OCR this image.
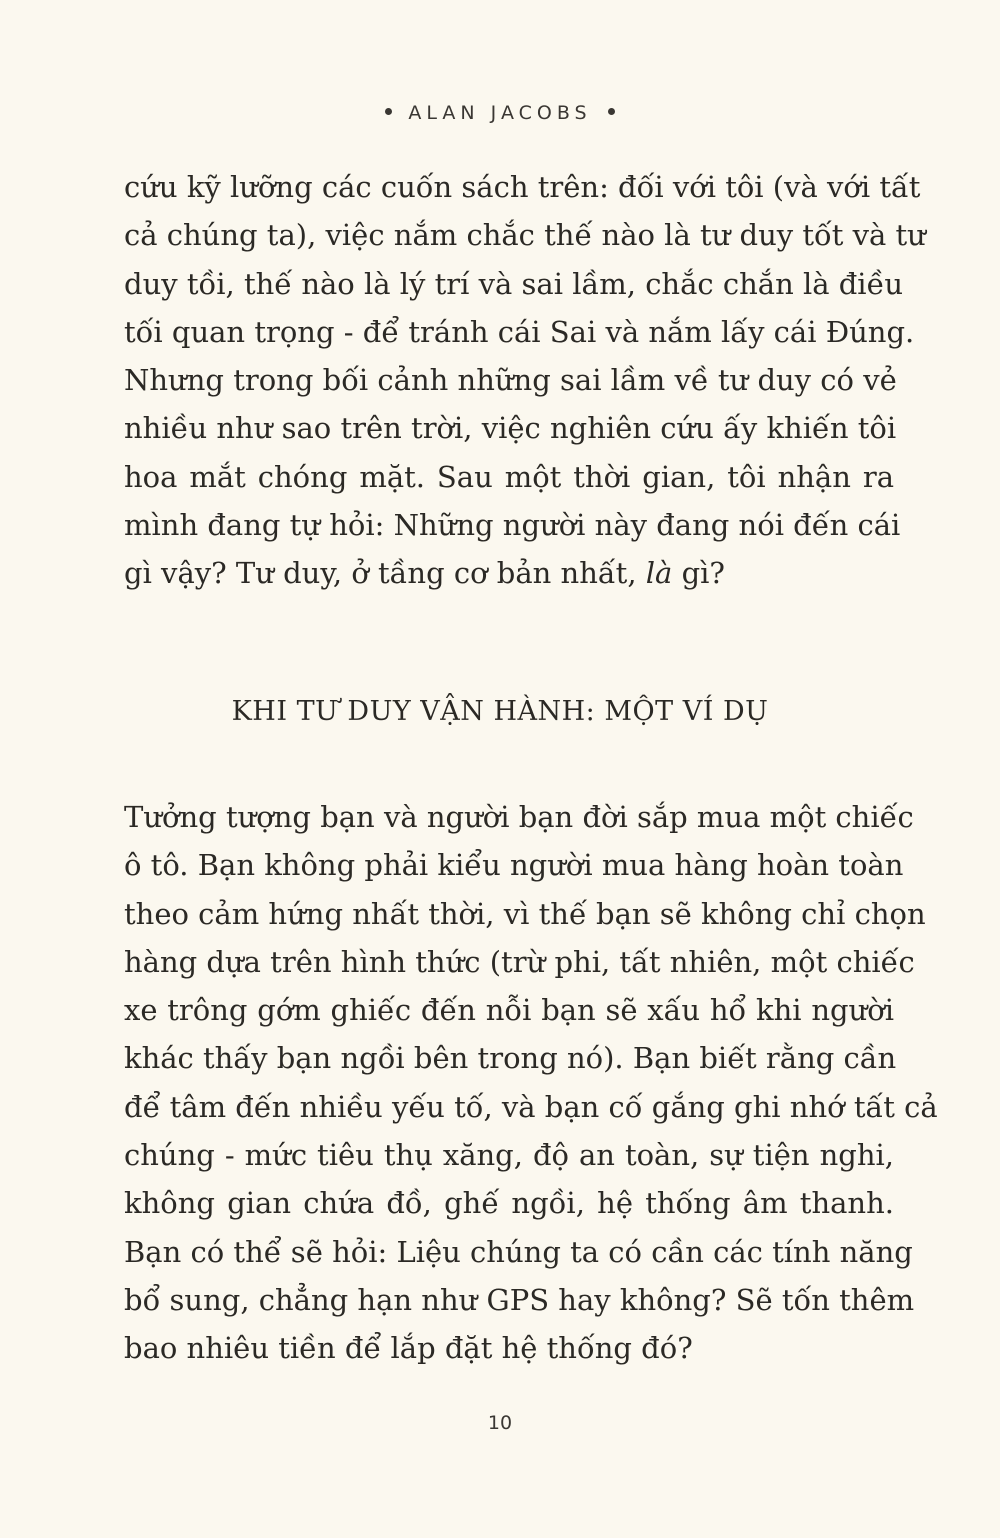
ALAN JACOBS
cứu kỹ lưỡng các cuốn sách trên: đối với tôi (và với tất
cả chúng ta), việc nắm chắc thế nào là tư duy tốt và tư
duy tồi, thế nào là lý trí và sai lầm, chắc chắn là điều
tối quan trọng - để tránh cái Sai và nắm lấy cái Đúng.
Nhưng trong bối cảnh những sai lầm về tư duy có vẻ
nhiều như sao trên trời, việc nghiên cứu ấy khiến tôi
hoa mắt chóng mặt. Sau một thời gian, tôi nhận ra
mình đang tự hỏi: Những người này đang nói đến cái
gì vậy? Tư duy, ở tầng cơ bản nhất, là gì?
KHI TƯ DUY VẬN HÀNH: MỘT VÍ DỤ
Tưởng tượng bạn và người bạn đời sắp mua một chiếc
ô tô. Bạn không phải kiểu người mua hàng hoàn toàn
theo cảm hứng nhất thời, vì thế bạn sẽ không chỉ chọn
hàng dựa trên hình thức (trừ phi, tất nhiên, một chiếc
xe trông gớm ghiếc đến nỗi bạn sẽ xấu hổ khi người
khác thấy bạn ngồi bên trong nó). Bạn biết rằng cần
để tâm đến nhiều yếu tố, và bạn cố gắng ghi nhớ tất cả
chúng - mức tiêu thụ xăng, độ an toàn, sự tiện nghi,
không gian chứa đồ, ghế ngồi, hệ thống âm thanh.
Bạn có thể sẽ hỏi: Liệu chúng ta có cần các tính năng
bổ sung, chẳng hạn như GPS hay không? Sẽ tốn thêm
bao nhiêu tiền để lắp đặt hệ thống đó?
10
